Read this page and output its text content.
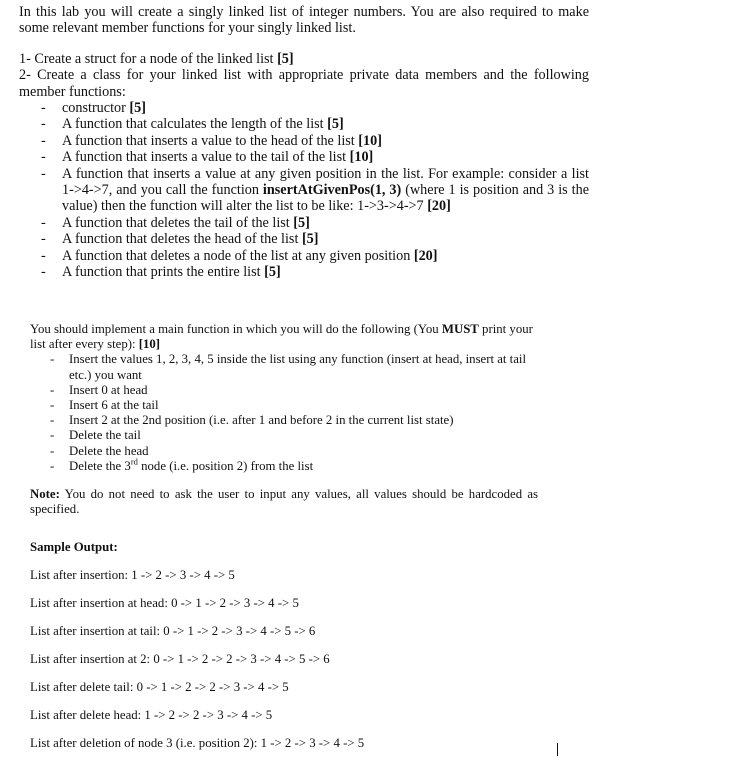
In this lab you will create a singly linked list of integer numbers. You are also required to make some relevant member functions for your singly linked list.

1- Create a struct for a node of the linked list [5]

2- Create a class for your linked list with appropriate private data members and the following member functions:

- constructor [5]
- A function that calculates the length of the list [5]
- A function that inserts a value to the head of the list [10]
- A function that inserts a value to the tail of the list [10]
- A function that inserts a value at any given position in the list. For example: consider a list 1->4->7, and you call the function insertAtGivenPos(1, 3) (where 1 is position and 3 is the value) then the function will alter the list to be like: 1->3->4->7 [20]
- A function that deletes the tail of the list [5]
- A function that deletes the head of the list [5]
- A function that deletes a node of the list at any given position [20]
- A function that prints the entire list [5]

You should implement a main function in which you will do the following (You MUST print your list after every step): [10]

- Insert the values 1, 2, 3, 4, 5 inside the list using any function (insert at head, insert at tail etc.) you want
- Insert 0 at head
- Insert 6 at the tail
- Insert 2 at the 2nd position (i.e. after 1 and before 2 in the current list state)
- Delete the tail
- Delete the head
- Delete the 3rd node (i.e. position 2) from the list

Note: You do not need to ask the user to input any values, all values should be hardcoded as specified.

Sample Output:
List after insertion: 1 -> 2 -> 3 -> 4 -> 5
List after insertion at head: 0 -> 1 -> 2 -> 3 -> 4 -> 5
List after insertion at tail: 0 -> 1 -> 2 -> 3 -> 4 -> 5 -> 6
List after insertion at 2: 0 -> 1 -> 2 -> 2 -> 3 -> 4 -> 5 -> 6
List after delete tail: 0 -> 1 -> 2 -> 2 -> 3 -> 4 -> 5
List after delete head: 1 -> 2 -> 2 -> 3 -> 4 -> 5
List after deletion of node 3 (i.e. position 2): 1 -> 2 -> 3 -> 4 -> 5
